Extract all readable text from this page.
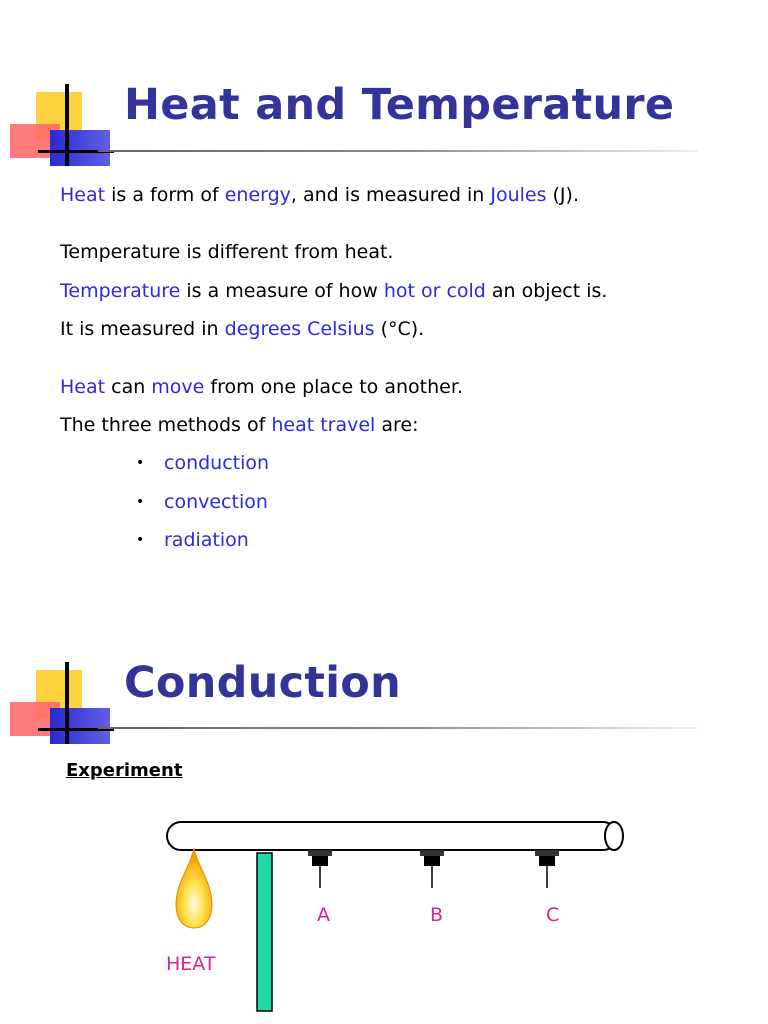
Heat and Temperature

Heat is a form of energy, and is measured in Joules (J).

Temperature is different from heat.

Temperature is a measure of how hot or cold an object is.

It is measured in degrees Celsius (°C).

Heat can move from one place to another.

The three methods of heat travel are:

• conduction
• convection
• radiation
Conduction
Experiment
A	B	C
HEAT
